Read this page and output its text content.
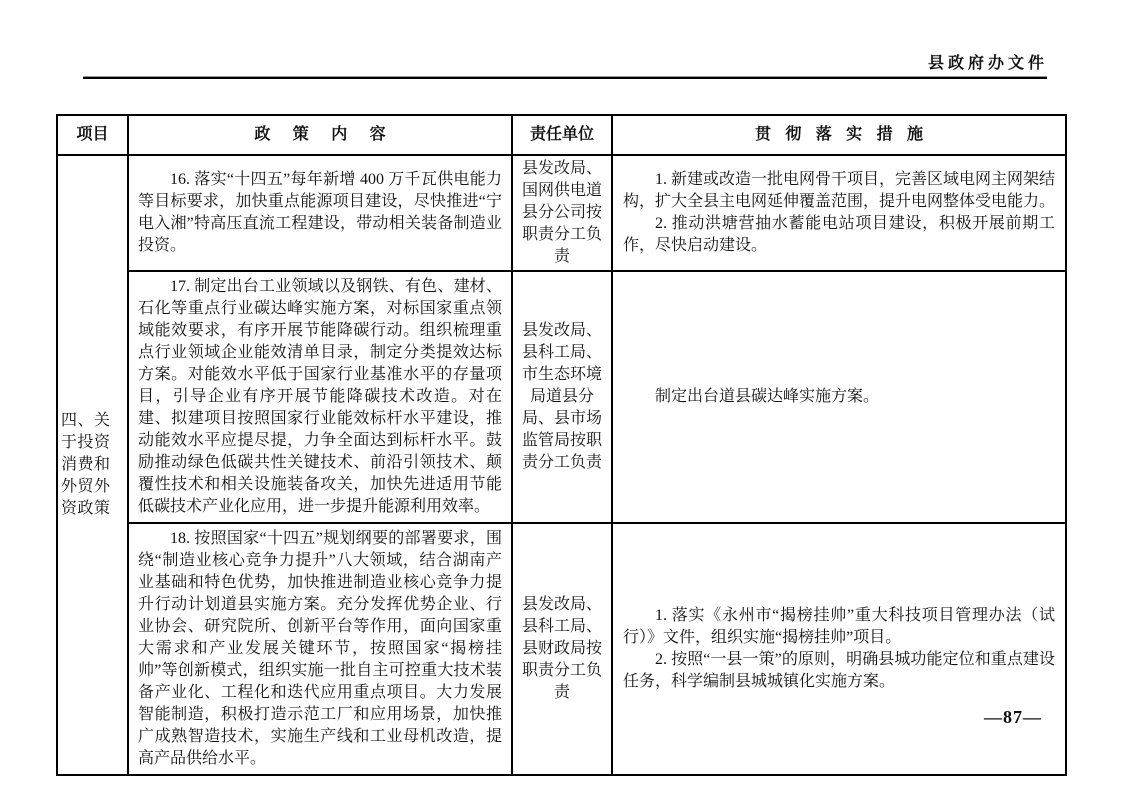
县政府办文件
项目	政策内容	责任单位	贯彻落实措施
四、关于投资消费和外贸外资政策	16. 落实“十四五”每年新增 400 万千瓦供电能力等目标要求，加快重点能源项目建设，尽快推进“宁电入湘”特高压直流工程建设，带动相关装备制造业投资。	县发改局、国网供电道县分公司按职责分工负责	1. 新建或改造一批电网骨干项目，完善区域电网主网架结构，扩大全县主电网延伸覆盖范围，提升电网整体受电能力。

2. 推动洪塘营抽水蓄能电站项目建设，积极开展前期工作，尽快启动建设。

	17. 制定出台工业领域以及钢铁、有色、建材、石化等重点行业碳达峰实施方案，对标国家重点领域能效要求，有序开展节能降碳行动。组织梳理重点行业领域企业能效清单目录，制定分类提效达标方案。对能效水平低于国家行业基准水平的存量项目，引导企业有序开展节能降碳技术改造。对在建、拟建项目按照国家行业能效标杆水平建设，推动能效水平应提尽提，力争全面达到标杆水平。鼓励推动绿色低碳共性关键技术、前沿引领技术、颠覆性技术和相关设施装备攻关，加快先进适用节能低碳技术产业化应用，进一步提升能源利用效率。	县发改局、县科工局、市生态环境局道县分局、县市场监管局按职责分工负责	制定出台道县碳达峰实施方案。

	18. 按照国家“十四五”规划纲要的部署要求，围绕“制造业核心竞争力提升”八大领域，结合湖南产业基础和特色优势，加快推进制造业核心竞争力提升行动计划道县实施方案。充分发挥优势企业、行业协会、研究院所、创新平台等作用，面向国家重大需求和产业发展关键环节，按照国家“揭榜挂帅”等创新模式，组织实施一批自主可控重大技术装备产业化、工程化和迭代应用重点项目。大力发展智能制造，积极打造示范工厂和应用场景，加快推广成熟智造技术，实施生产线和工业母机改造，提高产品供给水平。	县发改局、县科工局、县财政局按职责分工负责	1. 落实《永州市“揭榜挂帅”重大科技项目管理办法（试行）》文件，组织实施“揭榜挂帅”项目。

2. 按照“一县一策”的原则，明确县城功能定位和重点建设任务，科学编制县城城镇化实施方案。

—87—
